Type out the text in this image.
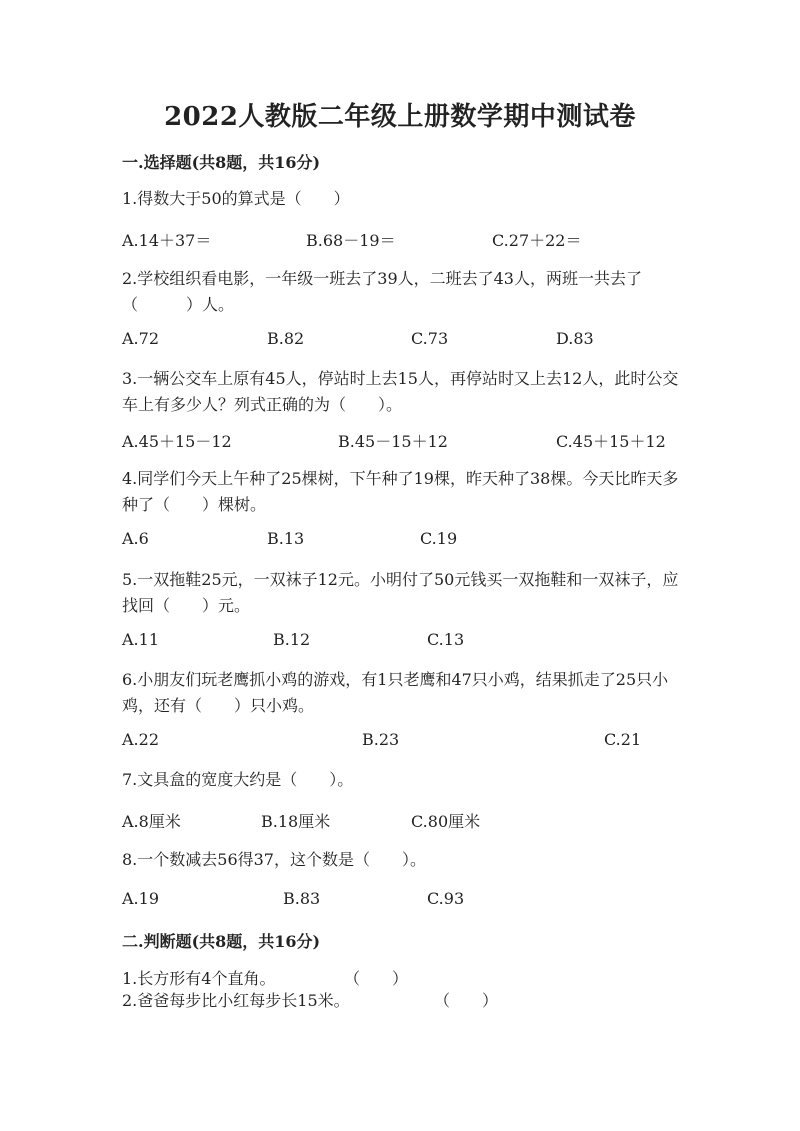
2022人教版二年级上册数学期中测试卷
一.选择题(共8题，共16分)
1.得数大于50的算式是（　　）
A.14＋37＝	B.68－19＝	C.27＋22＝
2.学校组织看电影，一年级一班去了39人，二班去了43人，两班一共去了（　　　）人。
A.72	B.82	C.73	D.83
3.一辆公交车上原有45人，停站时上去15人，再停站时又上去12人，此时公交车上有多少人？列式正确的为（　　）。
A.45＋15－12	B.45－15＋12	C.45＋15＋12
4.同学们今天上午种了25棵树，下午种了19棵，昨天种了38棵。今天比昨天多种了（　　）棵树。
A.6	B.13	C.19
5.一双拖鞋25元，一双袜子12元。小明付了50元钱买一双拖鞋和一双袜子，应找回（　　）元。
A.11	B.12	C.13
6.小朋友们玩老鹰抓小鸡的游戏，有1只老鹰和47只小鸡，结果抓走了25只小鸡，还有（　　）只小鸡。
A.22	B.23	C.21
7.文具盒的宽度大约是（　　）。
A.8厘米	B.18厘米	C.80厘米
8.一个数减去56得37，这个数是（　　）。
A.19	B.83	C.93
二.判断题(共8题，共16分)
1.长方形有4个直角。	（　　）
2.爸爸每步比小红每步长15米。	（　　）
